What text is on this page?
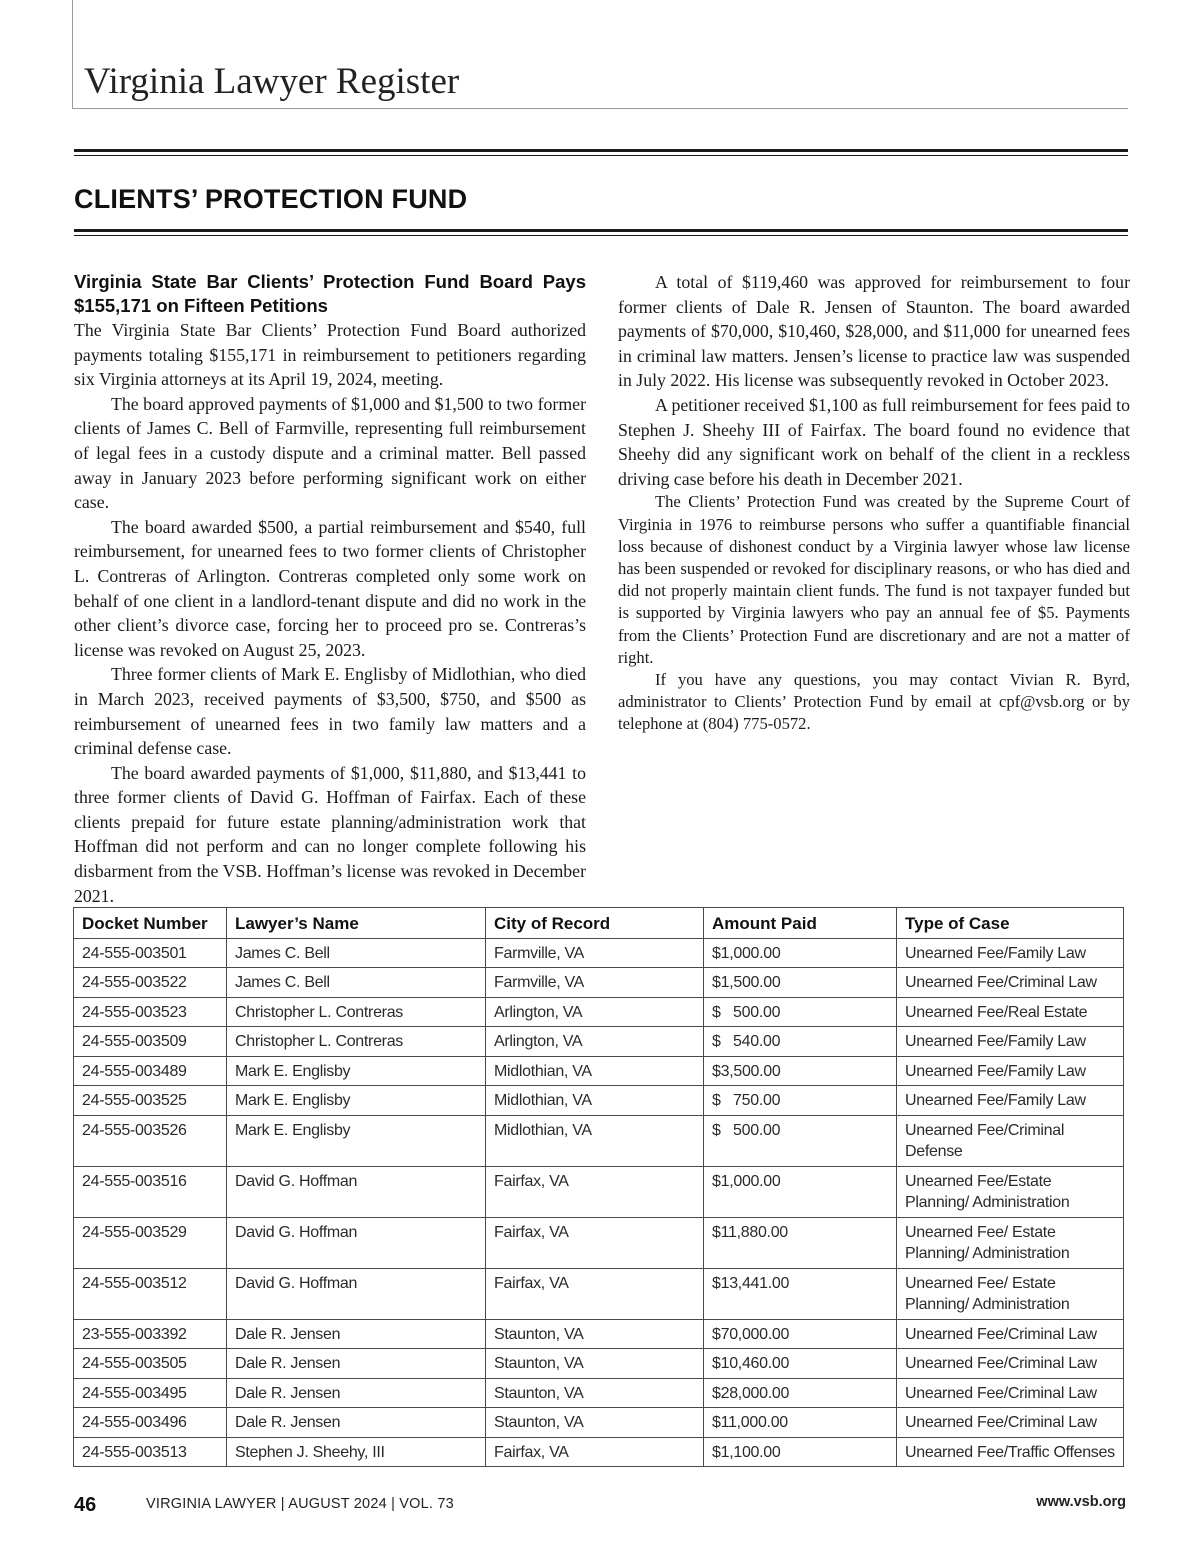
Virginia Lawyer Register
CLIENTS’ PROTECTION FUND

Virginia State Bar Clients’ Protection Fund Board Pays $155,171 on Fifteen Petitions

The Virginia State Bar Clients’ Protection Fund Board authorized payments totaling $155,171 in reimbursement to petitioners regarding six Virginia attorneys at its April 19, 2024, meeting.

The board approved payments of $1,000 and $1,500 to two former clients of James C. Bell of Farmville, representing full reimbursement of legal fees in a custody dispute and a criminal matter. Bell passed away in January 2023 before performing significant work on either case.

The board awarded $500, a partial reimbursement and $540, full reimbursement, for unearned fees to two former clients of Christopher L. Contreras of Arlington. Contreras completed only some work on behalf of one client in a landlord-tenant dispute and did no work in the other client’s divorce case, forcing her to proceed pro se. Contreras’s license was revoked on August 25, 2023.

Three former clients of Mark E. Englisby of Midlothian, who died in March 2023, received payments of $3,500, $750, and $500 as reimbursement of unearned fees in two family law matters and a criminal defense case.

The board awarded payments of $1,000, $11,880, and $13,441 to three former clients of David G. Hoffman of Fairfax. Each of these clients prepaid for future estate planning/administration work that Hoffman did not perform and can no longer complete following his disbarment from the VSB. Hoffman’s license was revoked in December 2021.

A total of $119,460 was approved for reimbursement to four former clients of Dale R. Jensen of Staunton. The board awarded payments of $70,000, $10,460, $28,000, and $11,000 for unearned fees in criminal law matters. Jensen’s license to practice law was suspended in July 2022. His license was subsequently revoked in October 2023.

A petitioner received $1,100 as full reimbursement for fees paid to Stephen J. Sheehy III of Fairfax. The board found no evidence that Sheehy did any significant work on behalf of the client in a reckless driving case before his death in December 2021.

The Clients’ Protection Fund was created by the Supreme Court of Virginia in 1976 to reimburse persons who suffer a quantifiable financial loss because of dishonest conduct by a Virginia lawyer whose law license has been suspended or revoked for disciplinary reasons, or who has died and did not properly maintain client funds. The fund is not taxpayer funded but is supported by Virginia lawyers who pay an annual fee of $5. Payments from the Clients’ Protection Fund are discretionary and are not a matter of right.

If you have any questions, you may contact Vivian R. Byrd, administrator to Clients’ Protection Fund by email at cpf@vsb.org or by telephone at (804) 775-0572.

Docket Number	Lawyer’s Name	City of Record	Amount Paid	Type of Case
24-555-003501	James C. Bell	Farmville, VA	$1,000.00	Unearned Fee/Family Law
24-555-003522	James C. Bell	Farmville, VA	$1,500.00	Unearned Fee/Criminal Law
24-555-003523	Christopher L. Contreras	Arlington, VA	$   500.00	Unearned Fee/Real Estate
24-555-003509	Christopher L. Contreras	Arlington, VA	$   540.00	Unearned Fee/Family Law
24-555-003489	Mark E. Englisby	Midlothian, VA	$3,500.00	Unearned Fee/Family Law
24-555-003525	Mark E. Englisby	Midlothian, VA	$   750.00	Unearned Fee/Family Law
24-555-003526	Mark E. Englisby	Midlothian, VA	$   500.00	Unearned Fee/Criminal Defense
24-555-003516	David G. Hoffman	Fairfax, VA	$1,000.00	Unearned Fee/Estate Planning/ Administration
24-555-003529	David G. Hoffman	Fairfax, VA	$11,880.00	Unearned Fee/ Estate Planning/ Administration
24-555-003512	David G. Hoffman	Fairfax, VA	$13,441.00	Unearned Fee/ Estate Planning/ Administration
23-555-003392	Dale R. Jensen	Staunton, VA	$70,000.00	Unearned Fee/Criminal Law
24-555-003505	Dale R. Jensen	Staunton, VA	$10,460.00	Unearned Fee/Criminal Law
24-555-003495	Dale R. Jensen	Staunton, VA	$28,000.00	Unearned Fee/Criminal Law
24-555-003496	Dale R. Jensen	Staunton, VA	$11,000.00	Unearned Fee/Criminal Law
24-555-003513	Stephen J. Sheehy, III	Fairfax, VA	$1,100.00	Unearned Fee/Traffic Offenses
46	VIRGINIA LAWYER | AUGUST 2024 | VOL. 73	www.vsb.org
